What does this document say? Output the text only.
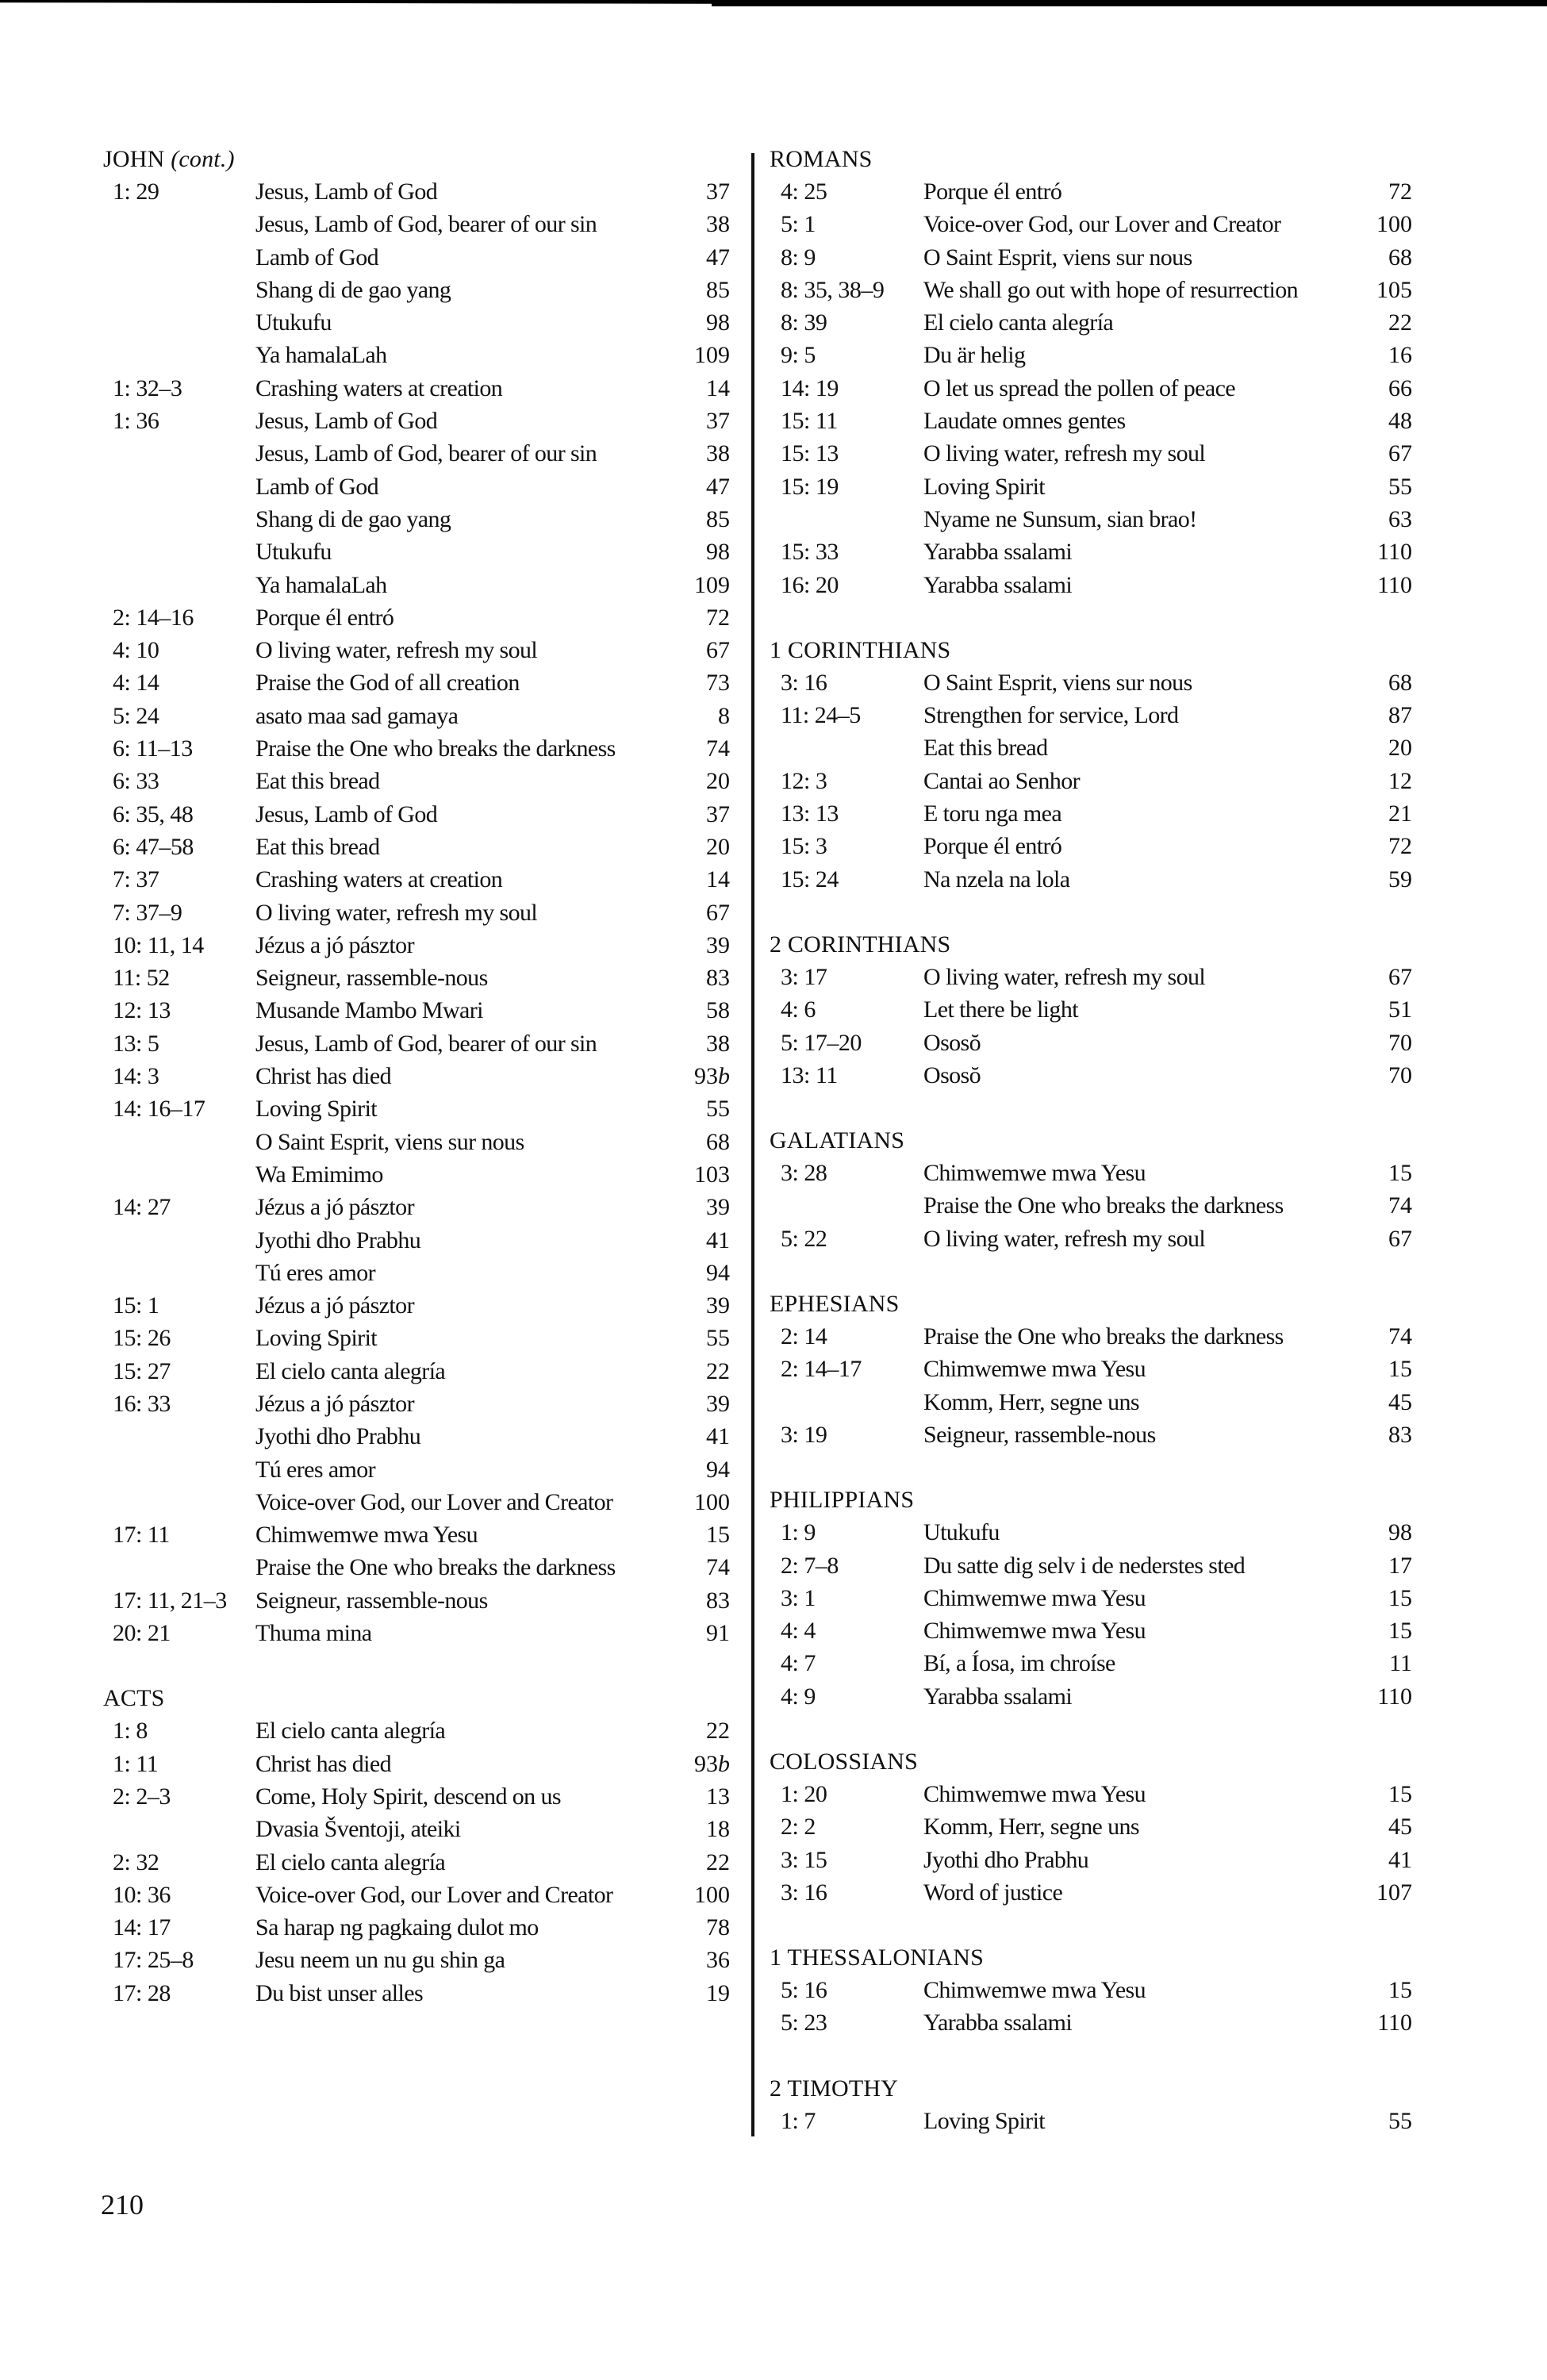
JOHN (cont.)
1: 29	Jesus, Lamb of God	37
Jesus, Lamb of God, bearer of our sin	38
Lamb of God	47
Shang di de gao yang	85
Utukufu	98
Ya hamalaLah	109
1: 32–3	Crashing waters at creation	14
1: 36	Jesus, Lamb of God	37
Jesus, Lamb of God, bearer of our sin	38
Lamb of God	47
Shang di de gao yang	85
Utukufu	98
Ya hamalaLah	109
2: 14–16	Porque él entró	72
4: 10	O living water, refresh my soul	67
4: 14	Praise the God of all creation	73
5: 24	asato maa sad gamaya	8
6: 11–13	Praise the One who breaks the darkness	74
6: 33	Eat this bread	20
6: 35, 48	Jesus, Lamb of God	37
6: 47–58	Eat this bread	20
7: 37	Crashing waters at creation	14
7: 37–9	O living water, refresh my soul	67
10: 11, 14	Jézus a jó pásztor	39
11: 52	Seigneur, rassemble-nous	83
12: 13	Musande Mambo Mwari	58
13: 5	Jesus, Lamb of God, bearer of our sin	38
14: 3	Christ has died	93b
14: 16–17	Loving Spirit	55
O Saint Esprit, viens sur nous	68
Wa Emimimo	103
14: 27	Jézus a jó pásztor	39
Jyothi dho Prabhu	41
Tú eres amor	94
15: 1	Jézus a jó pásztor	39
15: 26	Loving Spirit	55
15: 27	El cielo canta alegría	22
16: 33	Jézus a jó pásztor	39
Jyothi dho Prabhu	41
Tú eres amor	94
Voice-over God, our Lover and Creator	100
17: 11	Chimwemwe mwa Yesu	15
Praise the One who breaks the darkness	74
17: 11, 21–3	Seigneur, rassemble-nous	83
20: 21	Thuma mina	91
ACTS
1: 8	El cielo canta alegría	22
1: 11	Christ has died	93b
2: 2–3	Come, Holy Spirit, descend on us	13
Dvasia Šventoji, ateiki	18
2: 32	El cielo canta alegría	22
10: 36	Voice-over God, our Lover and Creator	100
14: 17	Sa harap ng pagkaing dulot mo	78
17: 25–8	Jesu neem un nu gu shin ga	36
17: 28	Du bist unser alles	19
ROMANS
4: 25	Porque él entró	72
5: 1	Voice-over God, our Lover and Creator	100
8: 9	O Saint Esprit, viens sur nous	68
8: 35, 38–9	We shall go out with hope of resurrection	105
8: 39	El cielo canta alegría	22
9: 5	Du är helig	16
14: 19	O let us spread the pollen of peace	66
15: 11	Laudate omnes gentes	48
15: 13	O living water, refresh my soul	67
15: 19	Loving Spirit	55
Nyame ne Sunsum, sian brao!	63
15: 33	Yarabba ssalami	110
16: 20	Yarabba ssalami	110
1 CORINTHIANS
3: 16	O Saint Esprit, viens sur nous	68
11: 24–5	Strengthen for service, Lord	87
Eat this bread	20
12: 3	Cantai ao Senhor	12
13: 13	E toru nga mea	21
15: 3	Porque él entró	72
15: 24	Na nzela na lola	59
2 CORINTHIANS
3: 17	O living water, refresh my soul	67
4: 6	Let there be light	51
5: 17–20	Ososŏ	70
13: 11	Ososŏ	70
GALATIANS
3: 28	Chimwemwe mwa Yesu	15
Praise the One who breaks the darkness	74
5: 22	O living water, refresh my soul	67
EPHESIANS
2: 14	Praise the One who breaks the darkness	74
2: 14–17	Chimwemwe mwa Yesu	15
Komm, Herr, segne uns	45
3: 19	Seigneur, rassemble-nous	83
PHILIPPIANS
1: 9	Utukufu	98
2: 7–8	Du satte dig selv i de nederstes sted	17
3: 1	Chimwemwe mwa Yesu	15
4: 4	Chimwemwe mwa Yesu	15
4: 7	Bí, a Íosa, im chroíse	11
4: 9	Yarabba ssalami	110
COLOSSIANS
1: 20	Chimwemwe mwa Yesu	15
2: 2	Komm, Herr, segne uns	45
3: 15	Jyothi dho Prabhu	41
3: 16	Word of justice	107
1 THESSALONIANS
5: 16	Chimwemwe mwa Yesu	15
5: 23	Yarabba ssalami	110
2 TIMOTHY
1: 7	Loving Spirit	55
210
